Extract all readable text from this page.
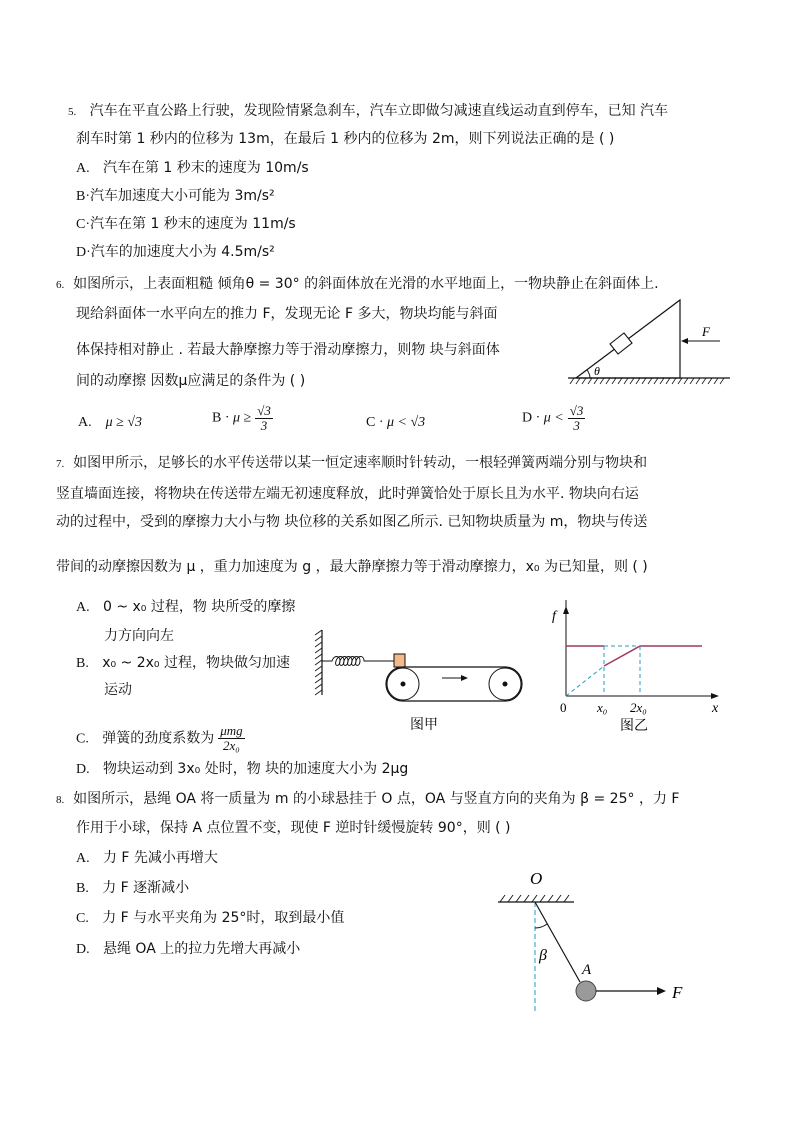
5. 汽车在平直公路上行驶，发现险情紧急刹车，汽车立即做匀减速直线运动直到停车，已知 汽车
刹车时第 1 秒内的位移为 13m，在最后 1 秒内的位移为 2m，则下列说法正确的是 ( )
A. 汽车在第 1 秒末的速度为 10m/s
B·汽车加速度大小可能为 3m/s²
C·汽车在第 1 秒末的速度为 11m/s
D·汽车的加速度大小为 4.5m/s²
6. 如图所示，上表面粗糙 倾角θ = 30° 的斜面体放在光滑的水平地面上，一物块静止在斜面体上.
现给斜面体一水平向左的推力 F，发现无论 F 多大，物块均能与斜面
体保持相对静止 . 若最大静摩擦力等于滑动摩擦力，则物 块与斜面体
间的动摩擦 因数μ应满足的条件为 ( )
A. μ ≥ √3	$B \cdot \mu \ge \frac{√3}{3}$	C · μ < √3	$D \cdot \mu < \frac{√3}{3}$
θ
F
7. 如图甲所示，足够长的水平传送带以某一恒定速率顺时针转动，一根轻弹簧两端分别与物块和
竖直墙面连接，将物块在传送带左端无初速度释放，此时弹簧恰处于原长且为水平. 物块向右运
动的过程中，受到的摩擦力大小与物 块位移的关系如图乙所示. 已知物块质量为 m，物块与传送
带间的动摩擦因数为 μ ，重力加速度为 g ，最大静摩擦力等于滑动摩擦力，x₀ 为已知量，则 ( )
A. 0 ~ x₀ 过程，物 块所受的摩擦
力方向向左
B. x₀ ~ 2x₀ 过程，物块做匀加速
运动
C. 弹簧的劲度系数为 $\frac{\text{μmg}}{\text{2x₀}}$
D. 物块运动到 3x₀ 处时，物 块的加速度大小为 2μg
图甲
f
x
0 x₀ 2x₀
图乙
8. 如图所示，悬绳 OA 将一质量为 m 的小球悬挂于 O 点，OA 与竖直方向的夹角为 β = 25° ，力 F
作用于小球，保持 A 点位置不变，现使 F 逆时针缓慢旋转 90°，则 ( )
A. 力 F 先减小再增大
B. 力 F 逐渐减小
C. 力 F 与水平夹角为 25°时，取到最小值
D. 悬绳 OA 上的拉力先增大再减小
O
β
A
F
